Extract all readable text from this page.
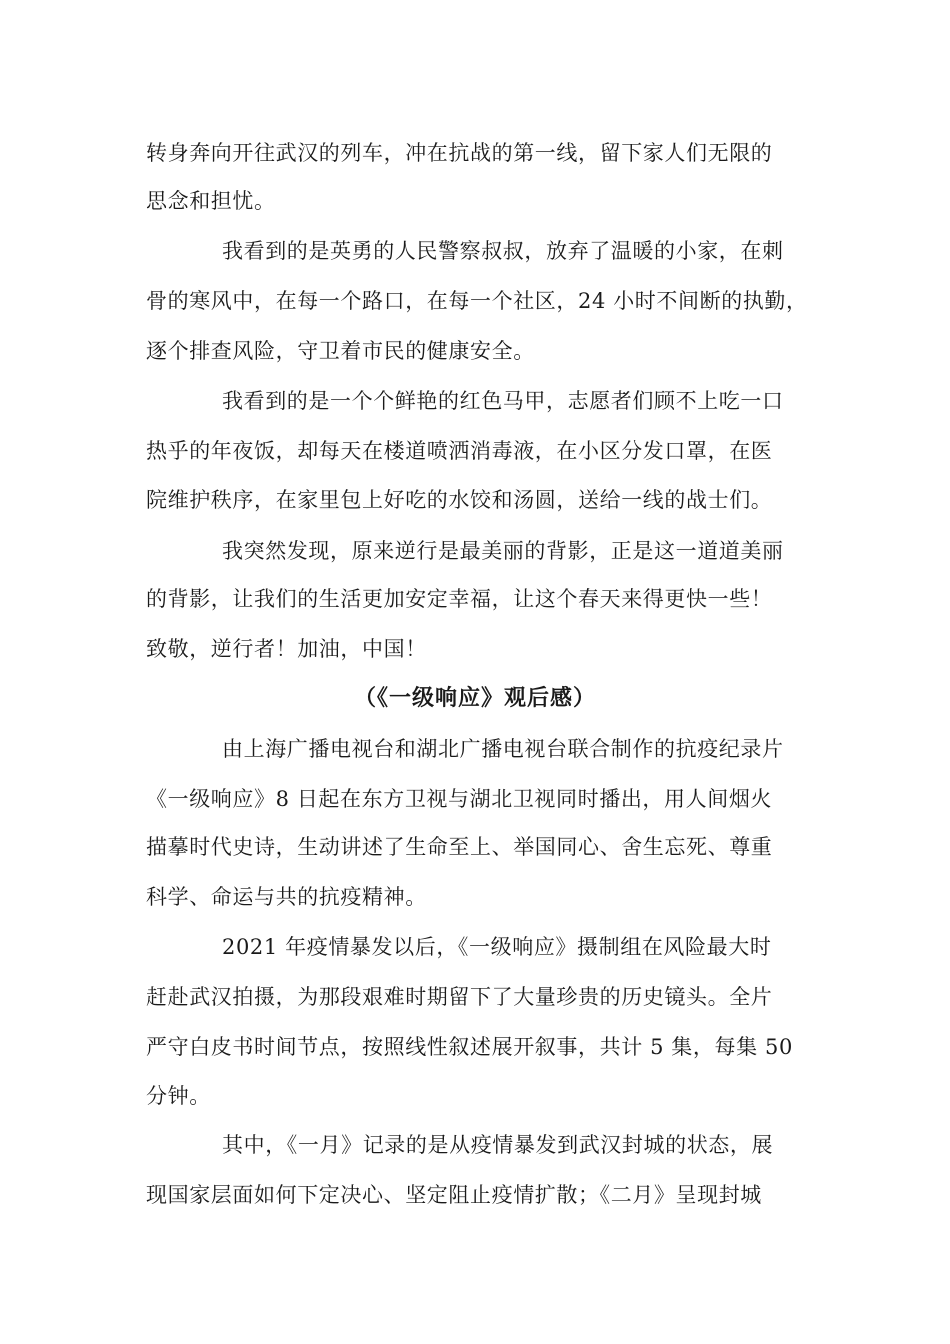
转身奔向开往武汉的列车，冲在抗战的第一线，留下家人们无限的
思念和担忧。
我看到的是英勇的人民警察叔叔，放弃了温暖的小家，在刺
骨的寒风中，在每一个路口，在每一个社区，24 小时不间断的执勤，
逐个排查风险，守卫着市民的健康安全。
我看到的是一个个鲜艳的红色马甲，志愿者们顾不上吃一口
热乎的年夜饭，却每天在楼道喷洒消毒液，在小区分发口罩，在医
院维护秩序，在家里包上好吃的水饺和汤圆，送给一线的战士们。
我突然发现，原来逆行是最美丽的背影，正是这一道道美丽
的背影，让我们的生活更加安定幸福，让这个春天来得更快一些！
致敬，逆行者！加油，中国！
（《一级响应》观后感）
由上海广播电视台和湖北广播电视台联合制作的抗疫纪录片
《一级响应》8 日起在东方卫视与湖北卫视同时播出，用人间烟火
描摹时代史诗，生动讲述了生命至上、举国同心、舍生忘死、尊重
科学、命运与共的抗疫精神。
2021 年疫情暴发以后，《一级响应》摄制组在风险最大时
赶赴武汉拍摄，为那段艰难时期留下了大量珍贵的历史镜头。全片
严守白皮书时间节点，按照线性叙述展开叙事，共计 5 集，每集 50
分钟。
其中，《一月》记录的是从疫情暴发到武汉封城的状态，展
现国家层面如何下定决心、坚定阻止疫情扩散；《二月》呈现封城
